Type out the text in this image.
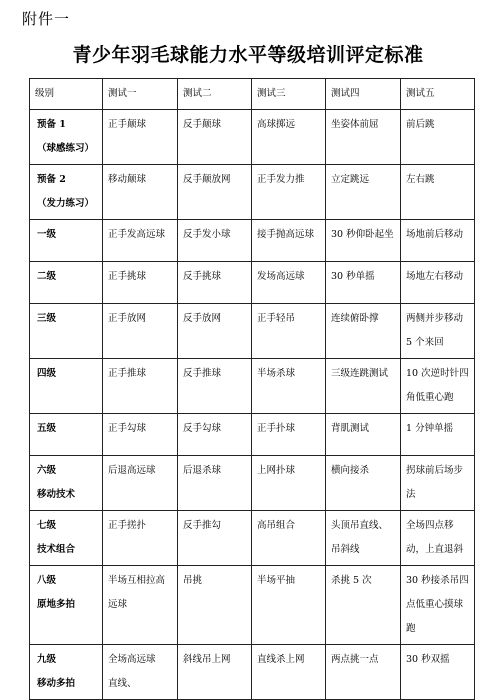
附件一
青少年羽毛球能力水平等级培训评定标准
级别	测试一	测试二	测试三	测试四	测试五

预备 1
（球感练习）	正手颠球	反手颠球	高球掷远	坐姿体前屈	前后跳

预备 2
（发力练习）	移动颠球	反手颠放网	正手发力推	立定跳远	左右跳

一级	正手发高远球	反手发小球	接手抛高远球	30 秒仰卧起坐	场地前后移动

二级	正手挑球	反手挑球	发场高远球	30 秒单摇	场地左右移动

三级	正手放网	反手放网	正手轻吊	连续俯卧撑	两侧并步移动
5 个来回

四级	正手推球	反手推球	半场杀球	三级连跳测试	10 次逆时针四
角低重心跑

五级	正手勾球	反手勾球	正手扑球	背肌测试	1 分钟单摇

六级
移动技术	后退高远球	后退杀球	上网扑球	横向接杀	拐球前后场步
法

七级
技术组合	正手搓扑	反手推勾	高吊组合	头顶吊直线、
吊斜线	全场四点移
动，上直退斜

八级
原地多拍	半场互相拉高
远球	吊挑	半场平抽	杀挑 5 次	30 秒接杀吊四
点低重心摸球
跑

九级
移动多拍	全场高远球
直线、	斜线吊上网	直线杀上网	两点挑一点	30 秒双摇
